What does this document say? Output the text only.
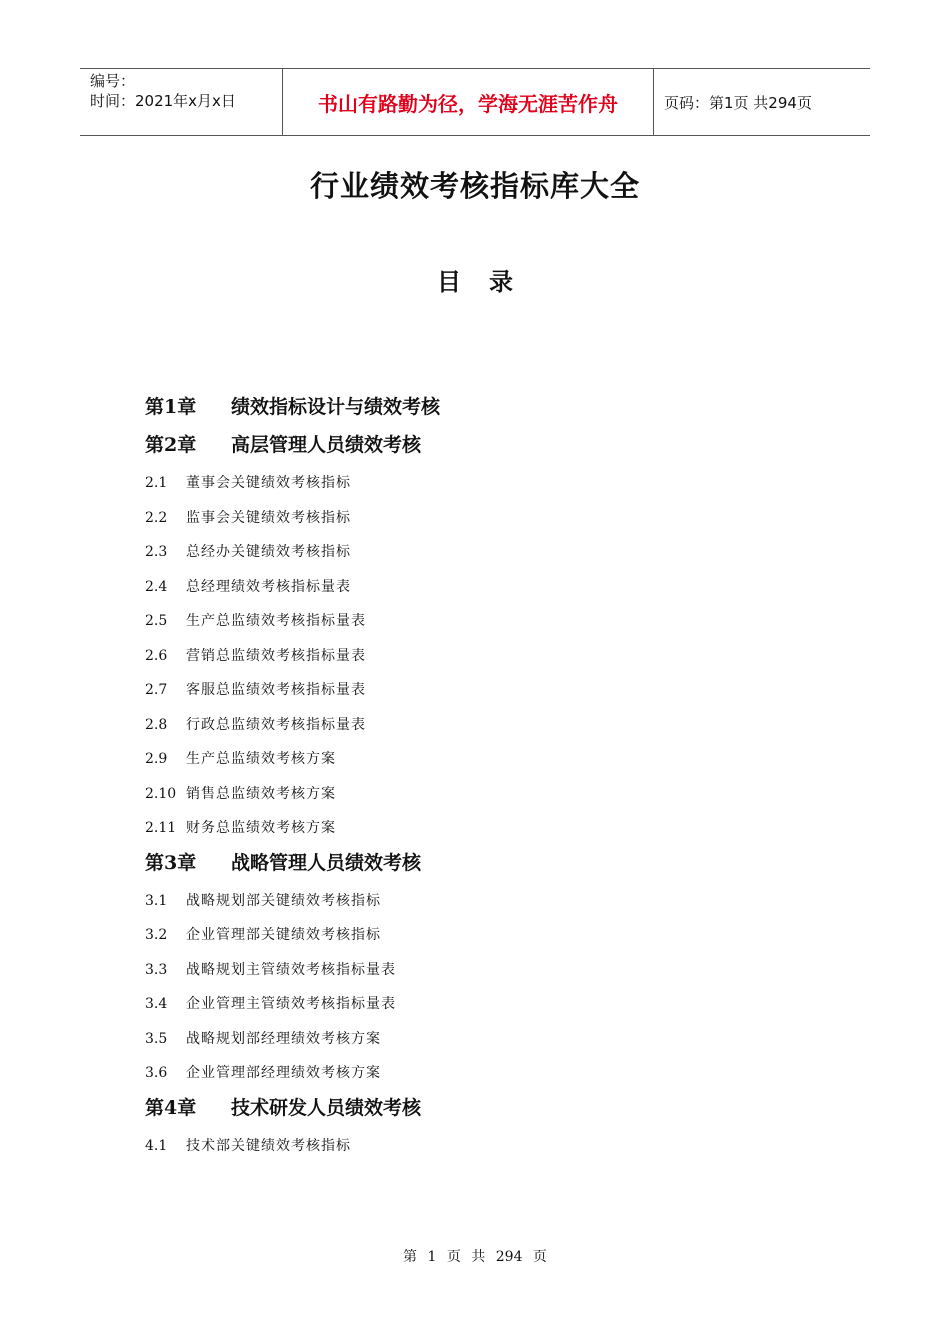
编号：
时间：2021年x月x日	书山有路勤为径，学海无涯苦作舟	页码：第1页 共294页
行业绩效考核指标库大全
目录
第1章 绩效指标设计与绩效考核
第2章 高层管理人员绩效考核
2.1 董事会关键绩效考核指标
2.2 监事会关键绩效考核指标
2.3 总经办关键绩效考核指标
2.4 总经理绩效考核指标量表
2.5 生产总监绩效考核指标量表
2.6 营销总监绩效考核指标量表
2.7 客服总监绩效考核指标量表
2.8 行政总监绩效考核指标量表
2.9 生产总监绩效考核方案
2.10 销售总监绩效考核方案
2.11 财务总监绩效考核方案
第3章 战略管理人员绩效考核
3.1 战略规划部关键绩效考核指标
3.2 企业管理部关键绩效考核指标
3.3 战略规划主管绩效考核指标量表
3.4 企业管理主管绩效考核指标量表
3.5 战略规划部经理绩效考核方案
3.6 企业管理部经理绩效考核方案
第4章 技术研发人员绩效考核
4.1 技术部关键绩效考核指标
第 1 页 共 294 页
